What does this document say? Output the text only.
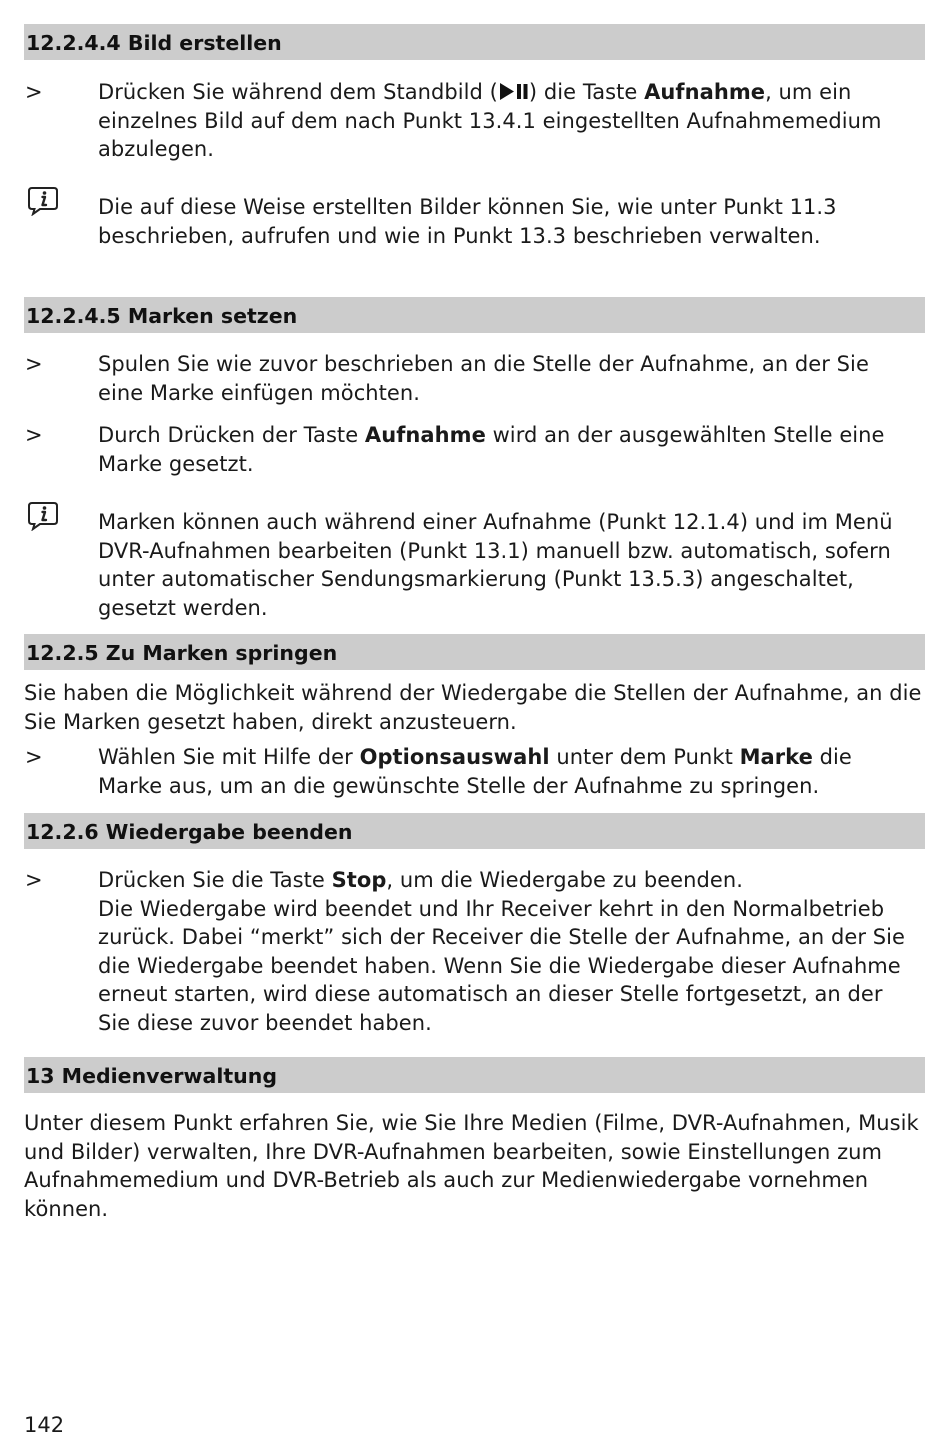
12.2.4.4 Bild erstellen
>	Drücken Sie während dem Standbild ( ) die Taste Aufnahme, um ein einzelnes Bild auf dem nach Punkt 13.4.1 eingestellten Aufnahmemedium abzulegen.
Die auf diese Weise erstellten Bilder können Sie, wie unter Punkt 11.3 beschrieben, aufrufen und wie in Punkt 13.3 beschrieben verwalten.
12.2.4.5 Marken setzen
>	Spulen Sie wie zuvor beschrieben an die Stelle der Aufnahme, an der Sie eine Marke einfügen möchten.
>	Durch Drücken der Taste Aufnahme wird an der ausgewählten Stelle eine Marke gesetzt.
Marken können auch während einer Aufnahme (Punkt 12.1.4) und im Menü DVR-Aufnahmen bearbeiten (Punkt 13.1) manuell bzw. automatisch, sofern unter automatischer Sendungsmarkierung (Punkt 13.5.3) angeschaltet, gesetzt werden.
12.2.5 Zu Marken springen
Sie haben die Möglichkeit während der Wiedergabe die Stellen der Aufnahme, an die Sie Marken gesetzt haben, direkt anzusteuern.
>	Wählen Sie mit Hilfe der Optionsauswahl unter dem Punkt Marke die Marke aus, um an die gewünschte Stelle der Aufnahme zu springen.
12.2.6 Wiedergabe beenden
>	Drücken Sie die Taste Stop, um die Wiedergabe zu beenden.
Die Wiedergabe wird beendet und Ihr Receiver kehrt in den Normalbetrieb zurück. Dabei “merkt” sich der Receiver die Stelle der Aufnahme, an der Sie die Wiedergabe beendet haben. Wenn Sie die Wiedergabe dieser Aufnahme erneut starten, wird diese automatisch an dieser Stelle fortgesetzt, an der Sie diese zuvor beendet haben.
13 Medienverwaltung
Unter diesem Punkt erfahren Sie, wie Sie Ihre Medien (Filme, DVR-Aufnahmen, Musik und Bilder) verwalten, Ihre DVR-Aufnahmen bearbeiten, sowie Einstellungen zum Aufnahmemedium und DVR-Betrieb als auch zur Medienwiedergabe vornehmen können.
142
